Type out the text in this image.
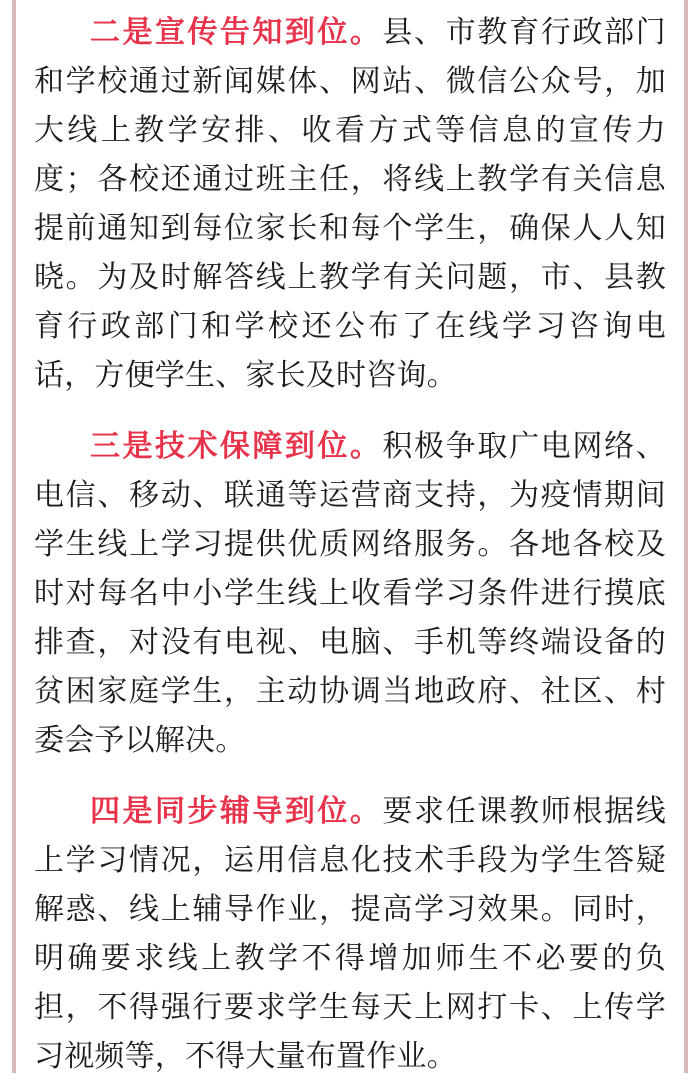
二是宣传告知到位。县、市教育行政部门和学校通过新闻媒体、网站、微信公众号，加大线上教学安排、收看方式等信息的宣传力度；各校还通过班主任，将线上教学有关信息提前通知到每位家长和每个学生，确保人人知晓。为及时解答线上教学有关问题，市、县教育行政部门和学校还公布了在线学习咨询电话，方便学生、家长及时咨询。

三是技术保障到位。积极争取广电网络、电信、移动、联通等运营商支持，为疫情期间学生线上学习提供优质网络服务。各地各校及时对每名中小学生线上收看学习条件进行摸底排查，对没有电视、电脑、手机等终端设备的贫困家庭学生，主动协调当地政府、社区、村委会予以解决。

四是同步辅导到位。要求任课教师根据线上学习情况，运用信息化技术手段为学生答疑解惑、线上辅导作业，提高学习效果。同时，明确要求线上教学不得增加师生不必要的负担，不得强行要求学生每天上网打卡、上传学习视频等，不得大量布置作业。
